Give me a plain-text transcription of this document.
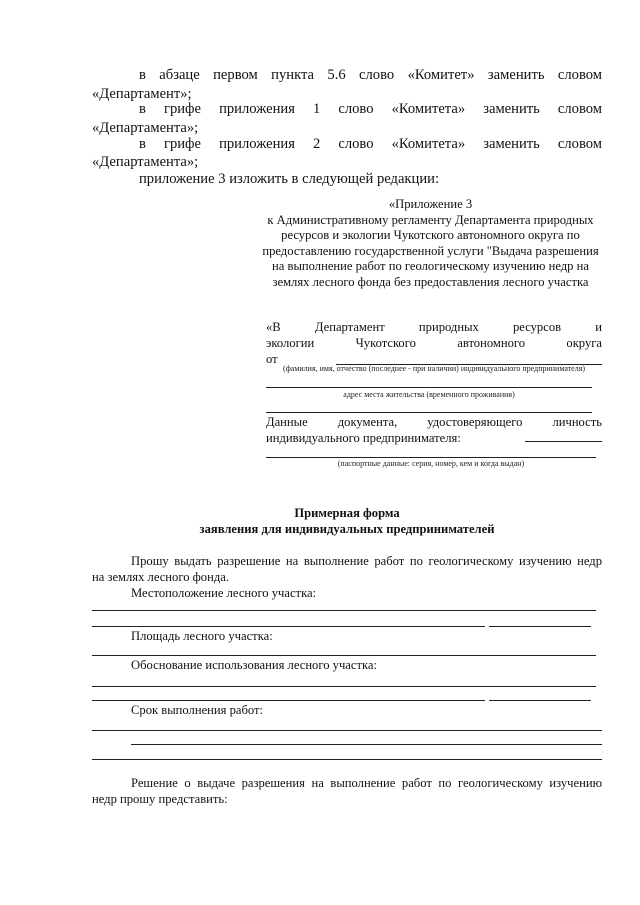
в абзаце первом пункта 5.6 слово «Комитет» заменить словом
«Департамент»;
в грифе приложения 1 слово «Комитета» заменить словом
«Департамента»;
в грифе приложения 2 слово «Комитета» заменить словом
«Департамента»;
приложение 3 изложить в следующей редакции:
«Приложение 3
к Административному регламенту Департамента природных
ресурсов и экологии Чукотского автономного округа по
предоставлению государственной услуги "Выдача разрешения
на выполнение работ по геологическому изучению недр на
землях лесного фонда без предоставления лесного участка
«В Департамент природных ресурсов и
экологии Чукотского автономного округа
от
(фамилия, имя, отчество (последнее - при наличии) индивидуального предпринимателя)
адрес места жительства (временного проживания)
Данные документа, удостоверяющего личность
индивидуального предпринимателя:
(паспортные данные: серия, номер, кем и когда выдан)
Примерная форма
заявления для индивидуальных предпринимателей
Прошу выдать разрешение на выполнение работ по геологическому изучению недр
на землях лесного фонда.
Местоположение лесного участка:
Площадь лесного участка:
Обоснование использования лесного участка:
Срок выполнения работ:
Решение о выдаче разрешения на выполнение работ по геологическому изучению
недр прошу представить:
